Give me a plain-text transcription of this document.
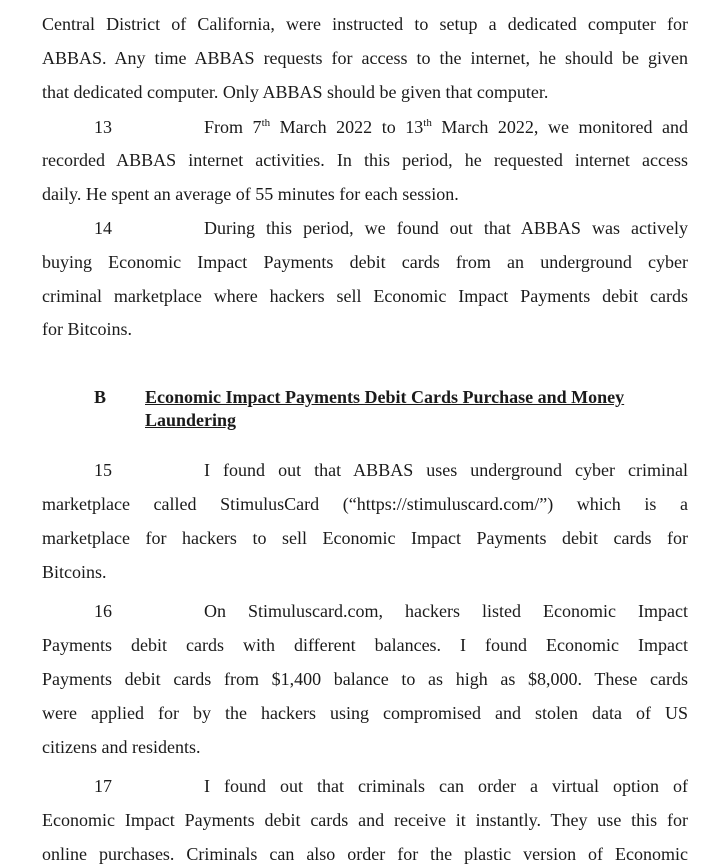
Central District of California, were instructed to setup a dedicated computer for
ABBAS. Any time ABBAS requests for access to the internet, he should be given
that dedicated computer. Only ABBAS should be given that computer.
13	From 7th March 2022 to 13th March 2022, we monitored and
recorded ABBAS internet activities. In this period, he requested internet access
daily. He spent an average of 55 minutes for each session.
14	During this period, we found out that ABBAS was actively
buying Economic Impact Payments debit cards from an underground cyber
criminal marketplace where hackers sell Economic Impact Payments debit cards
for Bitcoins.
B Economic Impact Payments Debit Cards Purchase and Money Laundering
15	I found out that ABBAS uses underground cyber criminal
marketplace called StimulusCard (“https://stimuluscard.com/”) which is a
marketplace for hackers to sell Economic Impact Payments debit cards for
Bitcoins.
16	On Stimuluscard.com, hackers listed Economic Impact
Payments debit cards with different balances. I found Economic Impact
Payments debit cards from $1,400 balance to as high as $8,000. These cards
were applied for by the hackers using compromised and stolen data of US
citizens and residents.
17	I found out that criminals can order a virtual option of
Economic Impact Payments debit cards and receive it instantly. They use this for
online purchases. Criminals can also order for the plastic version of Economic
